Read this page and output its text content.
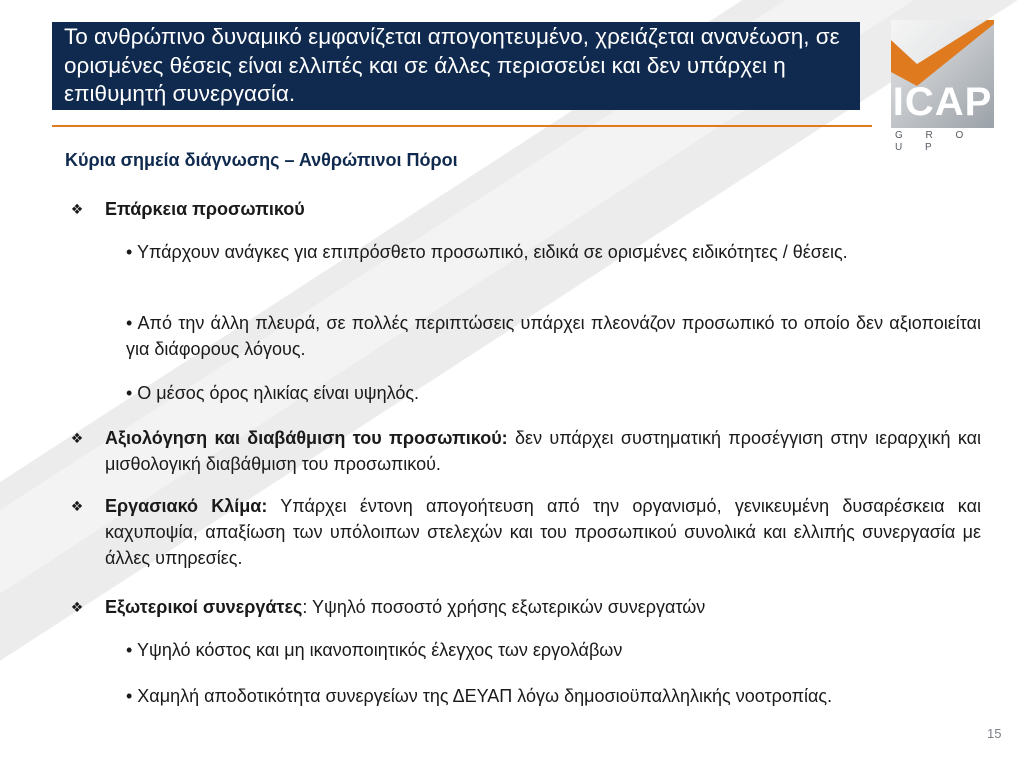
Το ανθρώπινο δυναμικό εμφανίζεται απογοητευμένο, χρειάζεται ανανέωση, σε ορισμένες θέσεις είναι ελλιπές και σε άλλες περισσεύει και δεν υπάρχει η επιθυμητή συνεργασία.	ICAP
G R O U P
Κύρια σημεία διάγνωσης – Ανθρώπινοι Πόροι
❖ Επάρκεια προσωπικού
• Υπάρχουν ανάγκες για επιπρόσθετο προσωπικό, ειδικά σε ορισμένες ειδικότητες / θέσεις.
• Από την άλλη πλευρά, σε πολλές περιπτώσεις υπάρχει πλεονάζον προσωπικό το οποίο δεν αξιοποιείται για διάφορους λόγους.
• Ο μέσος όρος ηλικίας είναι υψηλός.
❖ Αξιολόγηση και διαβάθμιση του προσωπικού: δεν υπάρχει συστηματική προσέγγιση στην ιεραρχική και μισθολογική διαβάθμιση του προσωπικού.
❖ Εργασιακό Κλίμα: Υπάρχει έντονη απογοήτευση από την οργανισμό, γενικευμένη δυσαρέσκεια και καχυποψία, απαξίωση των υπόλοιπων στελεχών και του προσωπικού συνολικά και ελλιπής συνεργασία με άλλες υπηρεσίες.
❖ Εξωτερικοί συνεργάτες: Υψηλό ποσοστό χρήσης εξωτερικών συνεργατών
• Υψηλό κόστος και μη ικανοποιητικός έλεγχος των εργολάβων
• Χαμηλή αποδοτικότητα συνεργείων της ΔΕΥΑΠ λόγω δημοσιοϋπαλληλικής νοοτροπίας.
15
